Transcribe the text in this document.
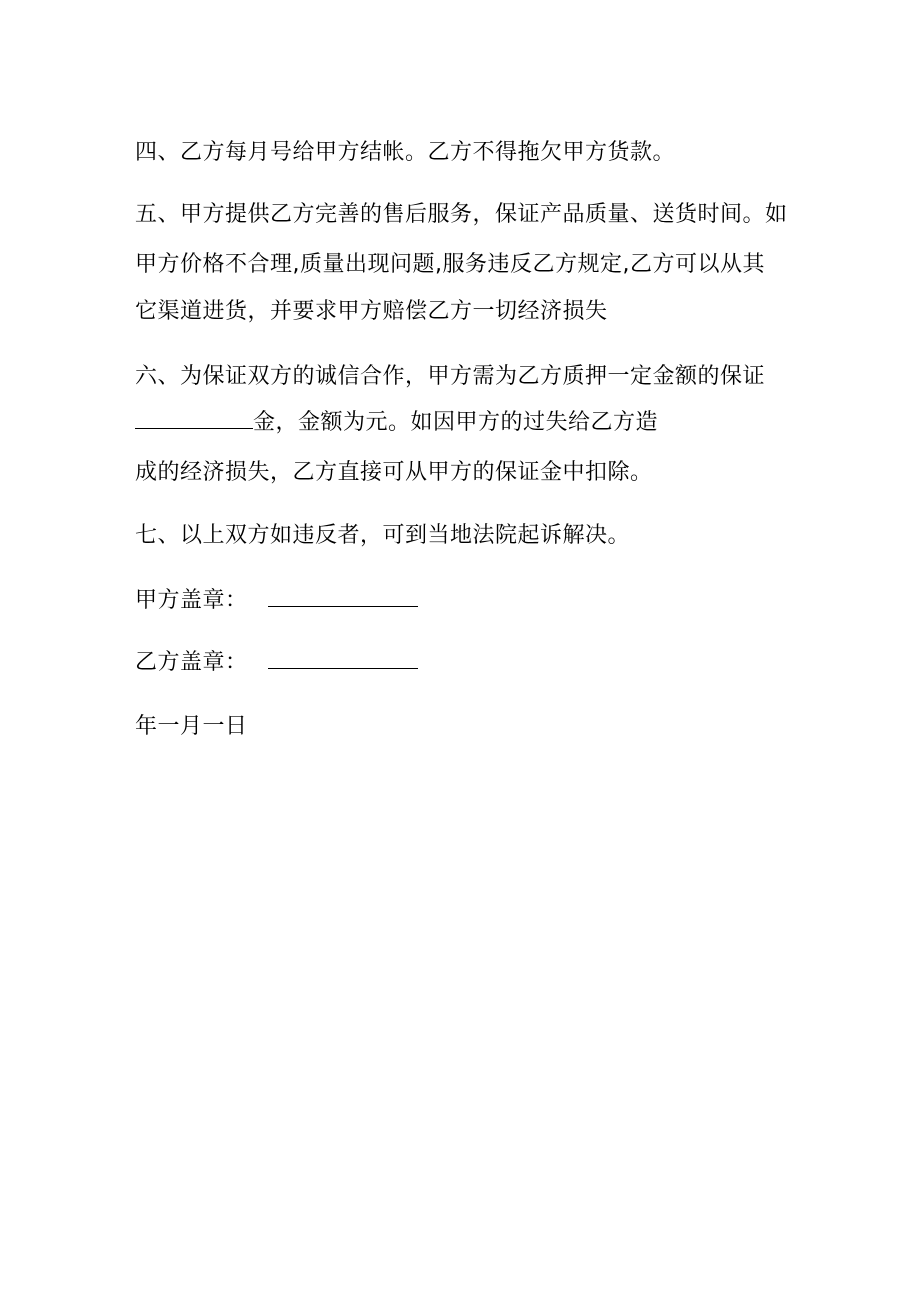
四、乙方每月号给甲方结帐。乙方不得拖欠甲方货款。
五、甲方提供乙方完善的售后服务，保证产品质量、送货时间。如
甲方价格不合理,质量出现问题,服务违反乙方规定,乙方可以从其
它渠道进货，并要求甲方赔偿乙方一切经济损失
六、为保证双方的诚信合作，甲方需为乙方质押一定金额的保证
金，金额为元。如因甲方的过失给乙方造
成的经济损失，乙方直接可从甲方的保证金中扣除。
七、以上双方如违反者，可到当地法院起诉解决。
甲方盖章：
乙方盖章：
年一月一日
